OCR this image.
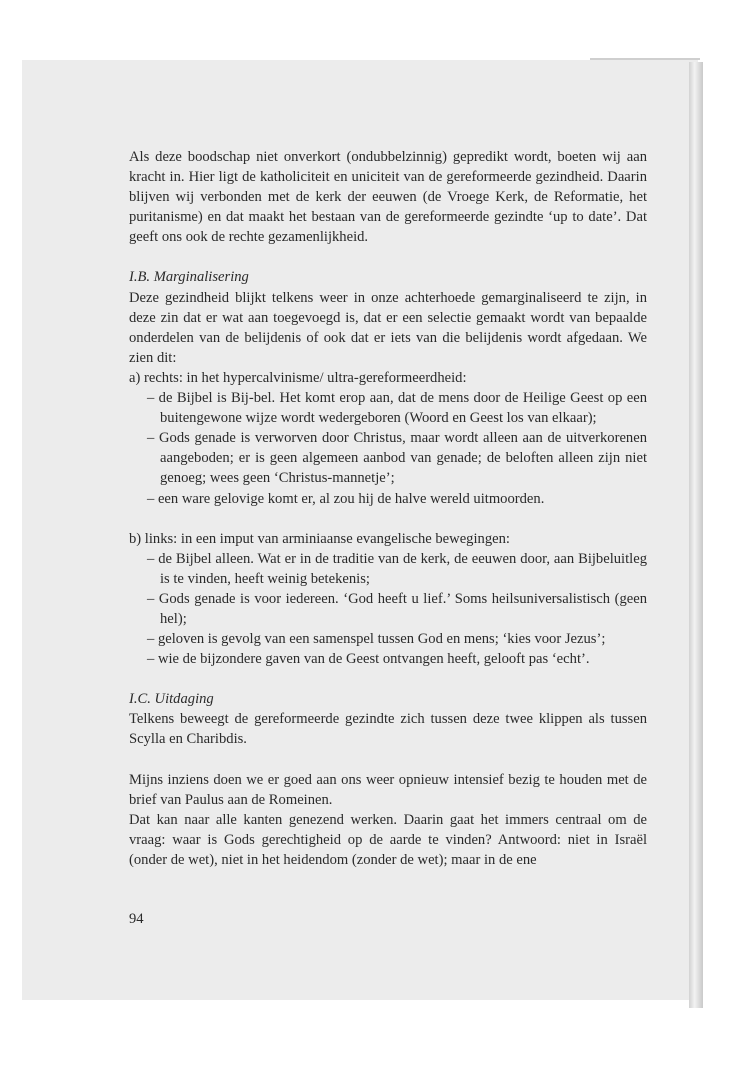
Als deze boodschap niet onverkort (ondubbelzinnig) gepredikt wordt, boeten wij aan kracht in. Hier ligt de katholiciteit en uniciteit van de gereformeerde gezindheid. Daarin blijven wij verbonden met de kerk der eeuwen (de Vroege Kerk, de Reformatie, het puritanisme) en dat maakt het bestaan van de gereformeerde gezindte ‘up to date’. Dat geeft ons ook de rechte gezamenlijkheid.

I.B. Marginalisering

Deze gezindheid blijkt telkens weer in onze achterhoede gemarginaliseerd te zijn, in deze zin dat er wat aan toegevoegd is, dat er een selectie gemaakt wordt van bepaalde onderdelen van de belijdenis of ook dat er iets van die belijdenis wordt afgedaan. We zien dit:

a) rechts: in het hypercalvinisme/ ultra-gereformeerdheid:

– de Bijbel is Bij-bel. Het komt erop aan, dat de mens door de Heilige Geest op een buitengewone wijze wordt wedergeboren (Woord en Geest los van elkaar);

– Gods genade is verworven door Christus, maar wordt alleen aan de uitverkorenen aangeboden; er is geen algemeen aanbod van genade; de beloften alleen zijn niet genoeg; wees geen ‘Christus-mannetje’;

– een ware gelovige komt er, al zou hij de halve wereld uitmoorden.

b) links: in een imput van arminiaanse evangelische bewegingen:

– de Bijbel alleen. Wat er in de traditie van de kerk, de eeuwen door, aan Bijbeluitleg is te vinden, heeft weinig betekenis;

– Gods genade is voor iedereen. ‘God heeft u lief.’ Soms heilsuniversalistisch (geen hel);

– geloven is gevolg van een samenspel tussen God en mens; ‘kies voor Jezus’;

– wie de bijzondere gaven van de Geest ontvangen heeft, gelooft pas ‘echt’.

I.C. Uitdaging

Telkens beweegt de gereformeerde gezindte zich tussen deze twee klippen als tussen Scylla en Charibdis.

Mijns inziens doen we er goed aan ons weer opnieuw intensief bezig te houden met de brief van Paulus aan de Romeinen.

Dat kan naar alle kanten genezend werken. Daarin gaat het immers centraal om de vraag: waar is Gods gerechtigheid op de aarde te vinden? Antwoord: niet in Israël (onder de wet), niet in het heidendom (zonder de wet); maar in de ene

94
